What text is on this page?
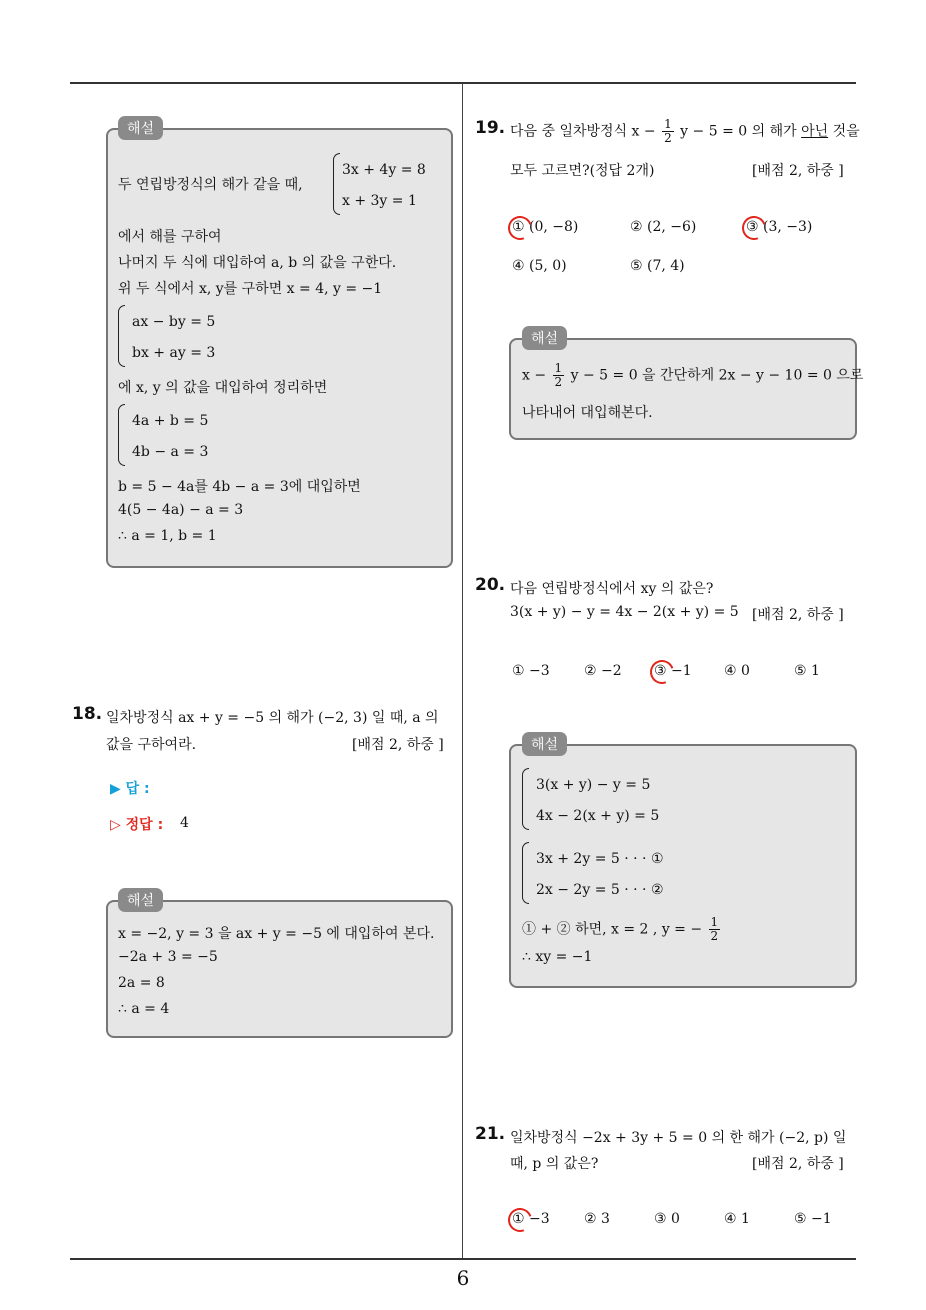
6
해설
두 연립방정식의 해가 같을 때,
3x + 4y = 8
x + 3y = 1
에서 해를 구하여
나머지 두 식에 대입하여 a, b 의 값을 구한다.
위 두 식에서 x, y를 구하면 x = 4, y = −1
ax − by = 5
bx + ay = 3
에 x, y 의 값을 대입하여 정리하면
4a + b = 5
4b − a = 3
b = 5 − 4a를 4b − a = 3에 대입하면
4(5 − 4a) − a = 3
∴ a = 1, b = 1
18. 일차방정식 ax + y = −5 의 해가 (−2, 3) 일 때, a 의
값을 구하여라.	[배점 2, 하중 ]
▶ 답 :
▷ 정답 : 4
해설
x = −2, y = 3 을 ax + y = −5 에 대입하여 본다.
−2a + 3 = −5
2a = 8
∴ a = 4
19. 다음 중 일차방정식 $x - \frac{1}{2}$ y − 5 = 0 의 해가 아닌 것을
모두 고르면?(정답 2개)	[배점 2, 하중 ]
① (0, −8)	② (2, −6)	③ (3, −3)
④ (5, 0)	⑤ (7, 4)
해설
$x - \frac{1}{2}$ y − 5 = 0 을 간단하게 2x − y − 10 = 0 으로
나타내어 대입해본다.
20. 다음 연립방정식에서 xy 의 값은?
3(x + y) − y = 4x − 2(x + y) = 5 [배점 2, 하중 ]
① −3 ② −2 ③ −1 ④ 0	⑤ 1
해설
3(x + y) − y = 5
4x − 2(x + y) = 5
3x + 2y = 5 · · · ①
2x − 2y = 5 · · · ②
① + ② 하면, x = 2 , y = − $\frac{1}{2}$
∴ xy = −1
21. 일차방정식 −2x + 3y + 5 = 0 의 한 해가 (−2, p) 일
때, p 의 값은?	[배점 2, 하중 ]
① −3 ② 3	③ 0	④ 1	⑤ −1
